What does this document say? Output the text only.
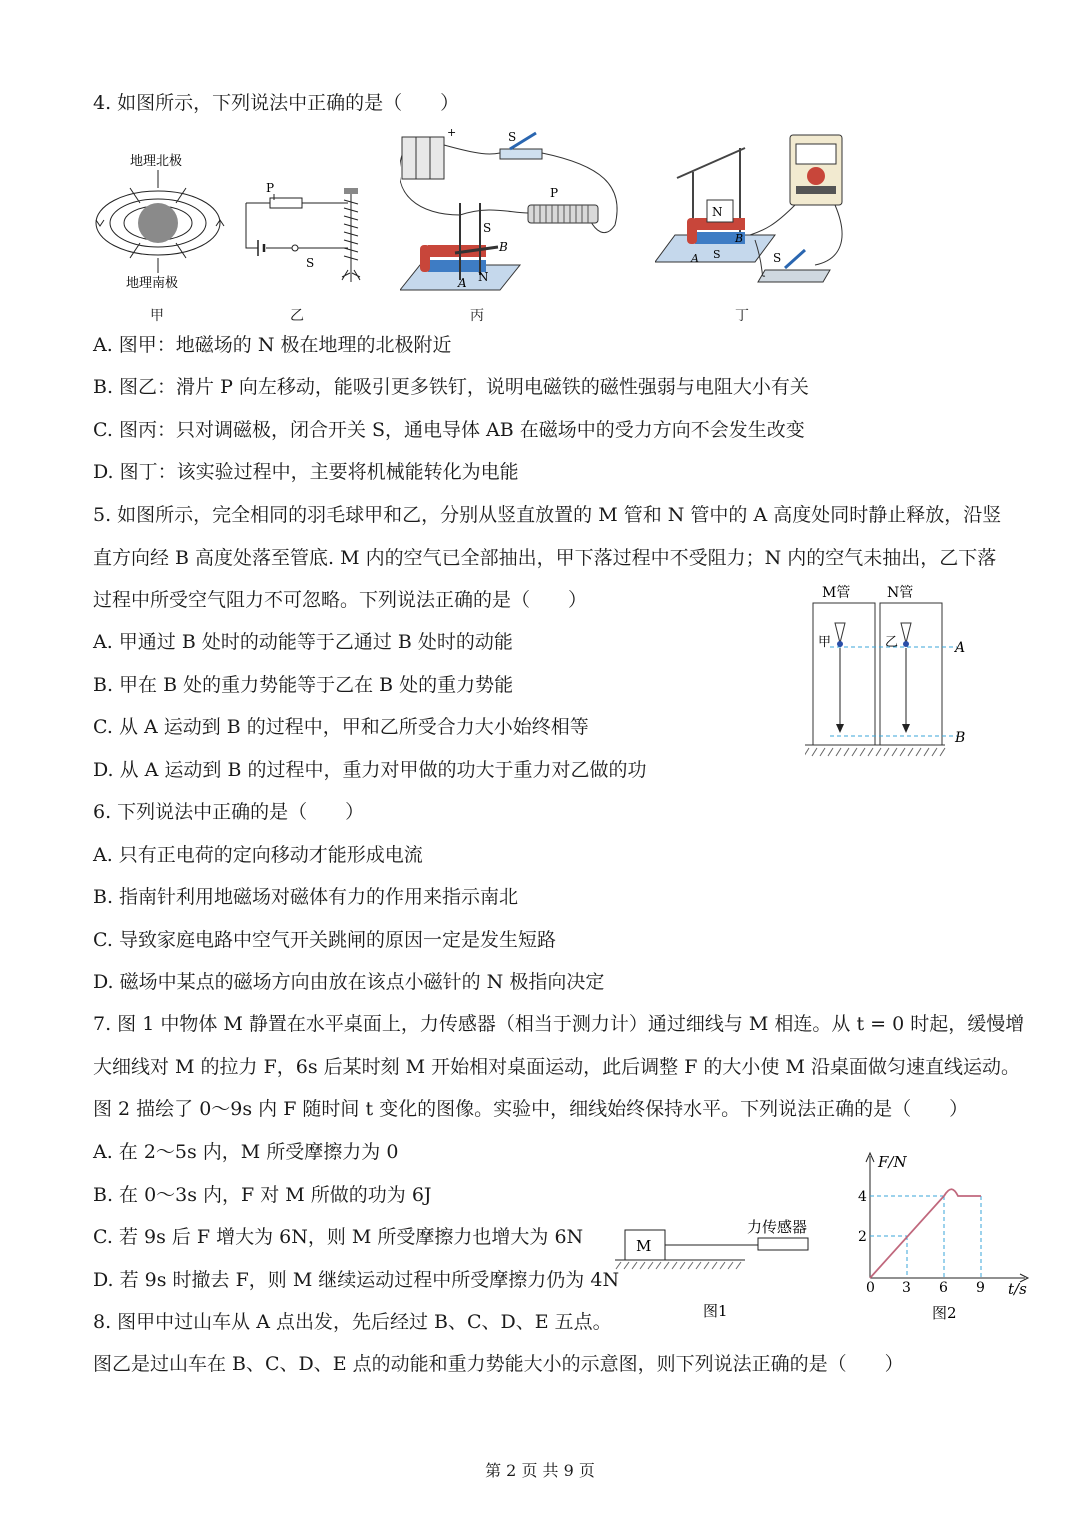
4. 如图所示，下列说法中正确的是（　　）
地理北极
地理南极
甲
P
S
乙
+	S
P
S
B
N
A
丙
N
B
S
A	S
丁
A. 图甲：地磁场的 N 极在地理的北极附近
B. 图乙：滑片 P 向左移动，能吸引更多铁钉，说明电磁铁的磁性强弱与电阻大小有关
C. 图丙：只对调磁极，闭合开关 S，通电导体 AB 在磁场中的受力方向不会发生改变
D. 图丁：该实验过程中，主要将机械能转化为电能
5. 如图所示，完全相同的羽毛球甲和乙，分别从竖直放置的 M 管和 N 管中的 A 高度处同时静止释放，沿竖
直方向经 B 高度处落至管底. M 内的空气已全部抽出，甲下落过程中不受阻力；N 内的空气未抽出，乙下落
过程中所受空气阻力不可忽略。下列说法正确的是（　　）	M管	N管
A
B
甲	乙
A. 甲通过 B 处时的动能等于乙通过 B 处时的动能
B. 甲在 B 处的重力势能等于乙在 B 处的重力势能
C. 从 A 运动到 B 的过程中，甲和乙所受合力大小始终相等
D. 从 A 运动到 B 的过程中，重力对甲做的功大于重力对乙做的功
6. 下列说法中正确的是（　　）
A. 只有正电荷的定向移动才能形成电流
B. 指南针利用地磁场对磁体有力的作用来指示南北
C. 导致家庭电路中空气开关跳闸的原因一定是发生短路
D. 磁场中某点的磁场方向由放在该点小磁针的 N 极指向决定
7. 图 1 中物体 M 静置在水平桌面上，力传感器（相当于测力计）通过细线与 M 相连。从 t = 0 时起，缓慢增
大细线对 M 的拉力 F，6s 后某时刻 M 开始相对桌面运动，此后调整 F 的大小使 M 沿桌面做匀速直线运动。
图 2 描绘了 0～9s 内 F 随时间 t 变化的图像。实验中，细线始终保持水平。下列说法正确的是（　　）
A. 在 2～5s 内，M 所受摩擦力为 0
B. 在 0～3s 内，F 对 M 所做的功为 6J
C. 若 9s 后 F 增大为 6N，则 M 所受摩擦力也增大为 6N
D. 若 9s 时撤去 F，则 M 继续运动过程中所受摩擦力仍为 4N
M
力传感器
图1
F/N
t/s
0
2
4
3 6 9
图2
8. 图甲中过山车从 A 点出发，先后经过 B、C、D、E 五点。
图乙是过山车在 B、C、D、E 点的动能和重力势能大小的示意图，则下列说法正确的是（　　）
第 2 页 共 9 页
